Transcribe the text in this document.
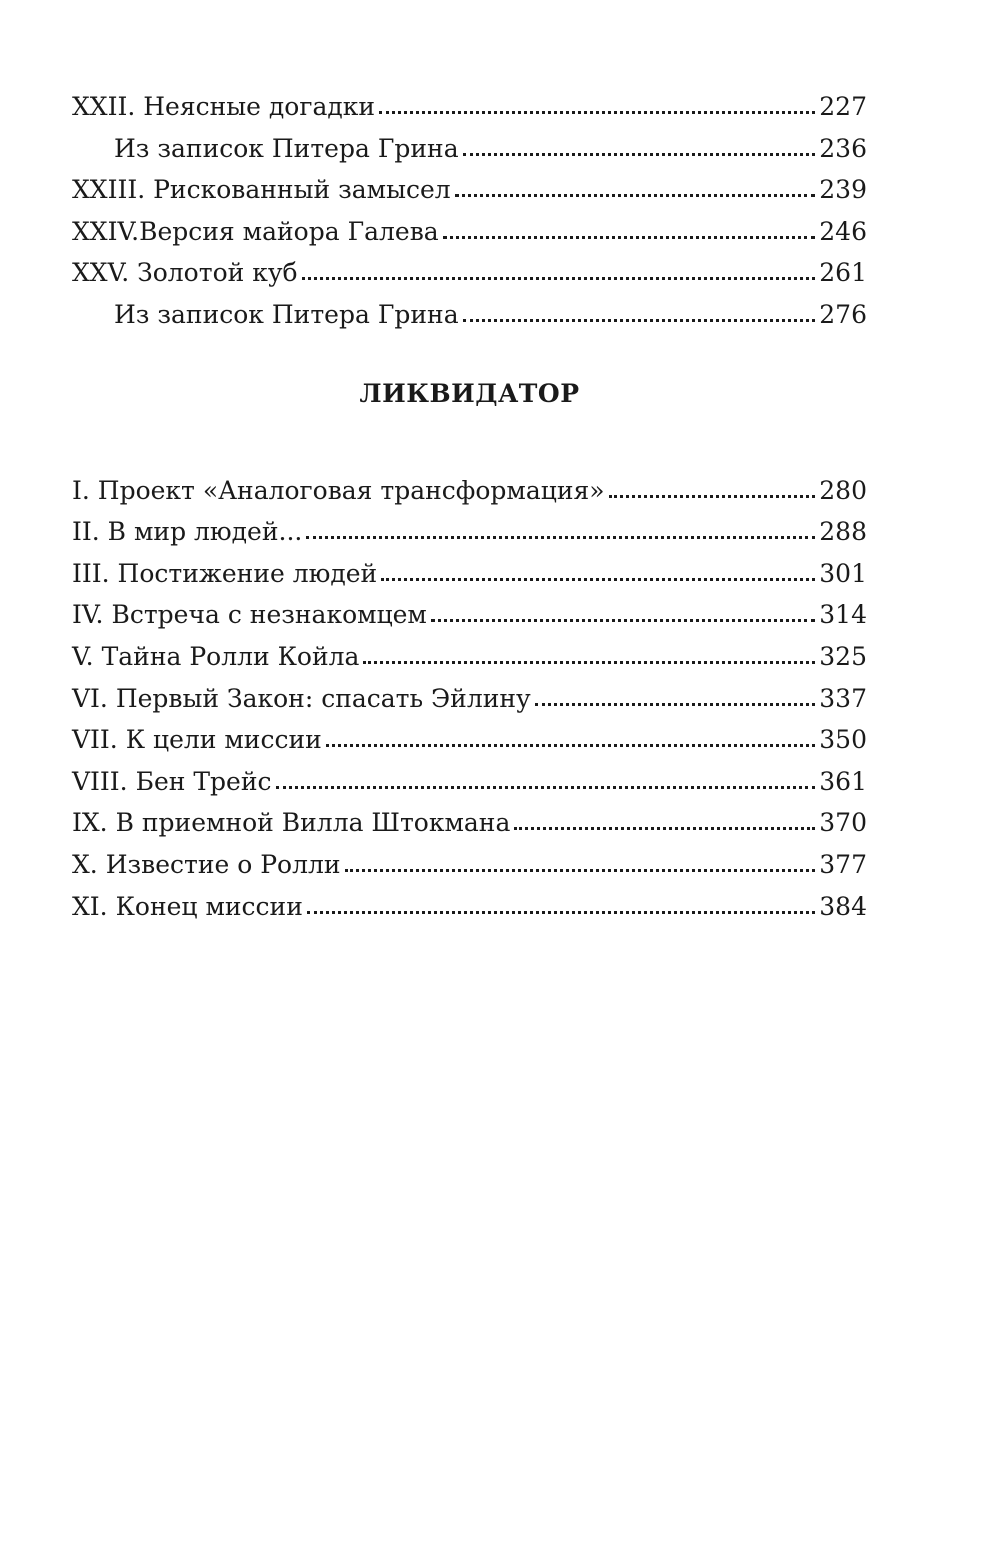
XXII. Неясные догадки	227
Из записок Питера Грина	236
XXIII. Рискованный замысел	239
XXIV.Версия майора Галева	246
XXV. Золотой куб	261
Из записок Питера Грина	276
ЛИКВИДАТОР
I. Проект «Аналоговая трансформация»	280
II. В мир людей...	288
III. Постижение людей	301
IV. Встреча с незнакомцем	314
V. Тайна Ролли Койла	325
VI. Первый Закон: спасать Эйлину	337
VII. К цели миссии	350
VIII. Бен Трейс	361
IX. В приемной Вилла Штокмана	370
X. Известие о Ролли	377
XI. Конец миссии	384
